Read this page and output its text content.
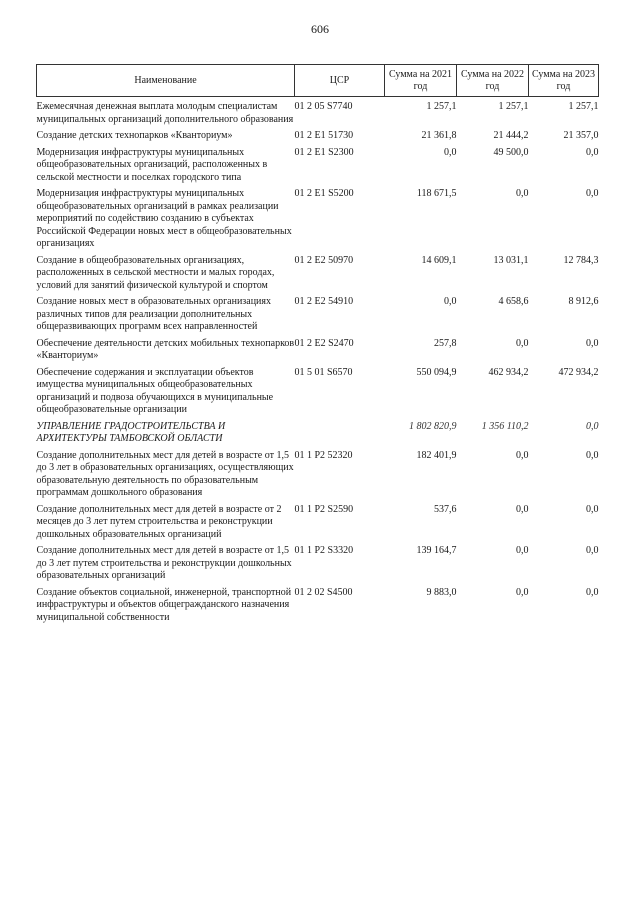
606
Наименование	ЦСР	Сумма на 2021 год	Сумма на 2022 год	Сумма на 2023 год

Ежемесячная денежная выплата молодым специалистам муниципальных организаций дополнительного образования	01 2 05 S7740	1 257,1	1 257,1	1 257,1

Создание детских технопарков «Кванториум»	01 2 E1 51730	21 361,8	21 444,2	21 357,0

Модернизация инфраструктуры муниципальных общеобразовательных организаций, расположенных в сельской местности и поселках городского типа	01 2 E1 S2300	0,0	49 500,0	0,0

Модернизация инфраструктуры муниципальных общеобразовательных организаций в рамках реализации мероприятий по содействию созданию в субъектах Российской Федерации новых мест в общеобразовательных организациях	01 2 E1 S5200	118 671,5	0,0	0,0

Создание в общеобразовательных организациях, расположенных в сельской местности и малых городах, условий для занятий физической культурой и спортом	01 2 E2 50970	14 609,1	13 031,1	12 784,3

Создание новых мест в образовательных организациях различных типов для реализации дополнительных общеразвивающих программ всех направленностей	01 2 E2 54910	0,0	4 658,6	8 912,6

Обеспечение деятельности детских мобильных технопарков «Кванториум»	01 2 E2 S2470	257,8	0,0	0,0

Обеспечение содержания и эксплуатации объектов имущества муниципальных общеобразовательных организаций и подвоза обучающихся в муниципальные общеобразовательные организации	01 5 01 S6570	550 094,9	462 934,2	472 934,2

УПРАВЛЕНИЕ ГРАДОСТРОИТЕЛЬСТВА И АРХИТЕКТУРЫ ТАМБОВСКОЙ ОБЛАСТИ		1 802 820,9	1 356 110,2	0,0

Создание дополнительных мест для детей в возрасте от 1,5 до 3 лет в образовательных организациях, осуществляющих образовательную деятельность по образовательным программам дошкольного образования	01 1 P2 52320	182 401,9	0,0	0,0

Создание дополнительных мест для детей в возрасте от 2 месяцев до 3 лет путем строительства и реконструкции дошкольных образовательных организаций	01 1 P2 S2590	537,6	0,0	0,0

Создание дополнительных мест для детей в возрасте от 1,5 до 3 лет путем строительства и реконструкции дошкольных образовательных организаций	01 1 P2 S3320	139 164,7	0,0	0,0

Создание объектов социальной, инженерной, транспортной инфраструктуры и объектов общегражданского назначения муниципальной собственности	01 2 02 S4500	9 883,0	0,0	0,0
